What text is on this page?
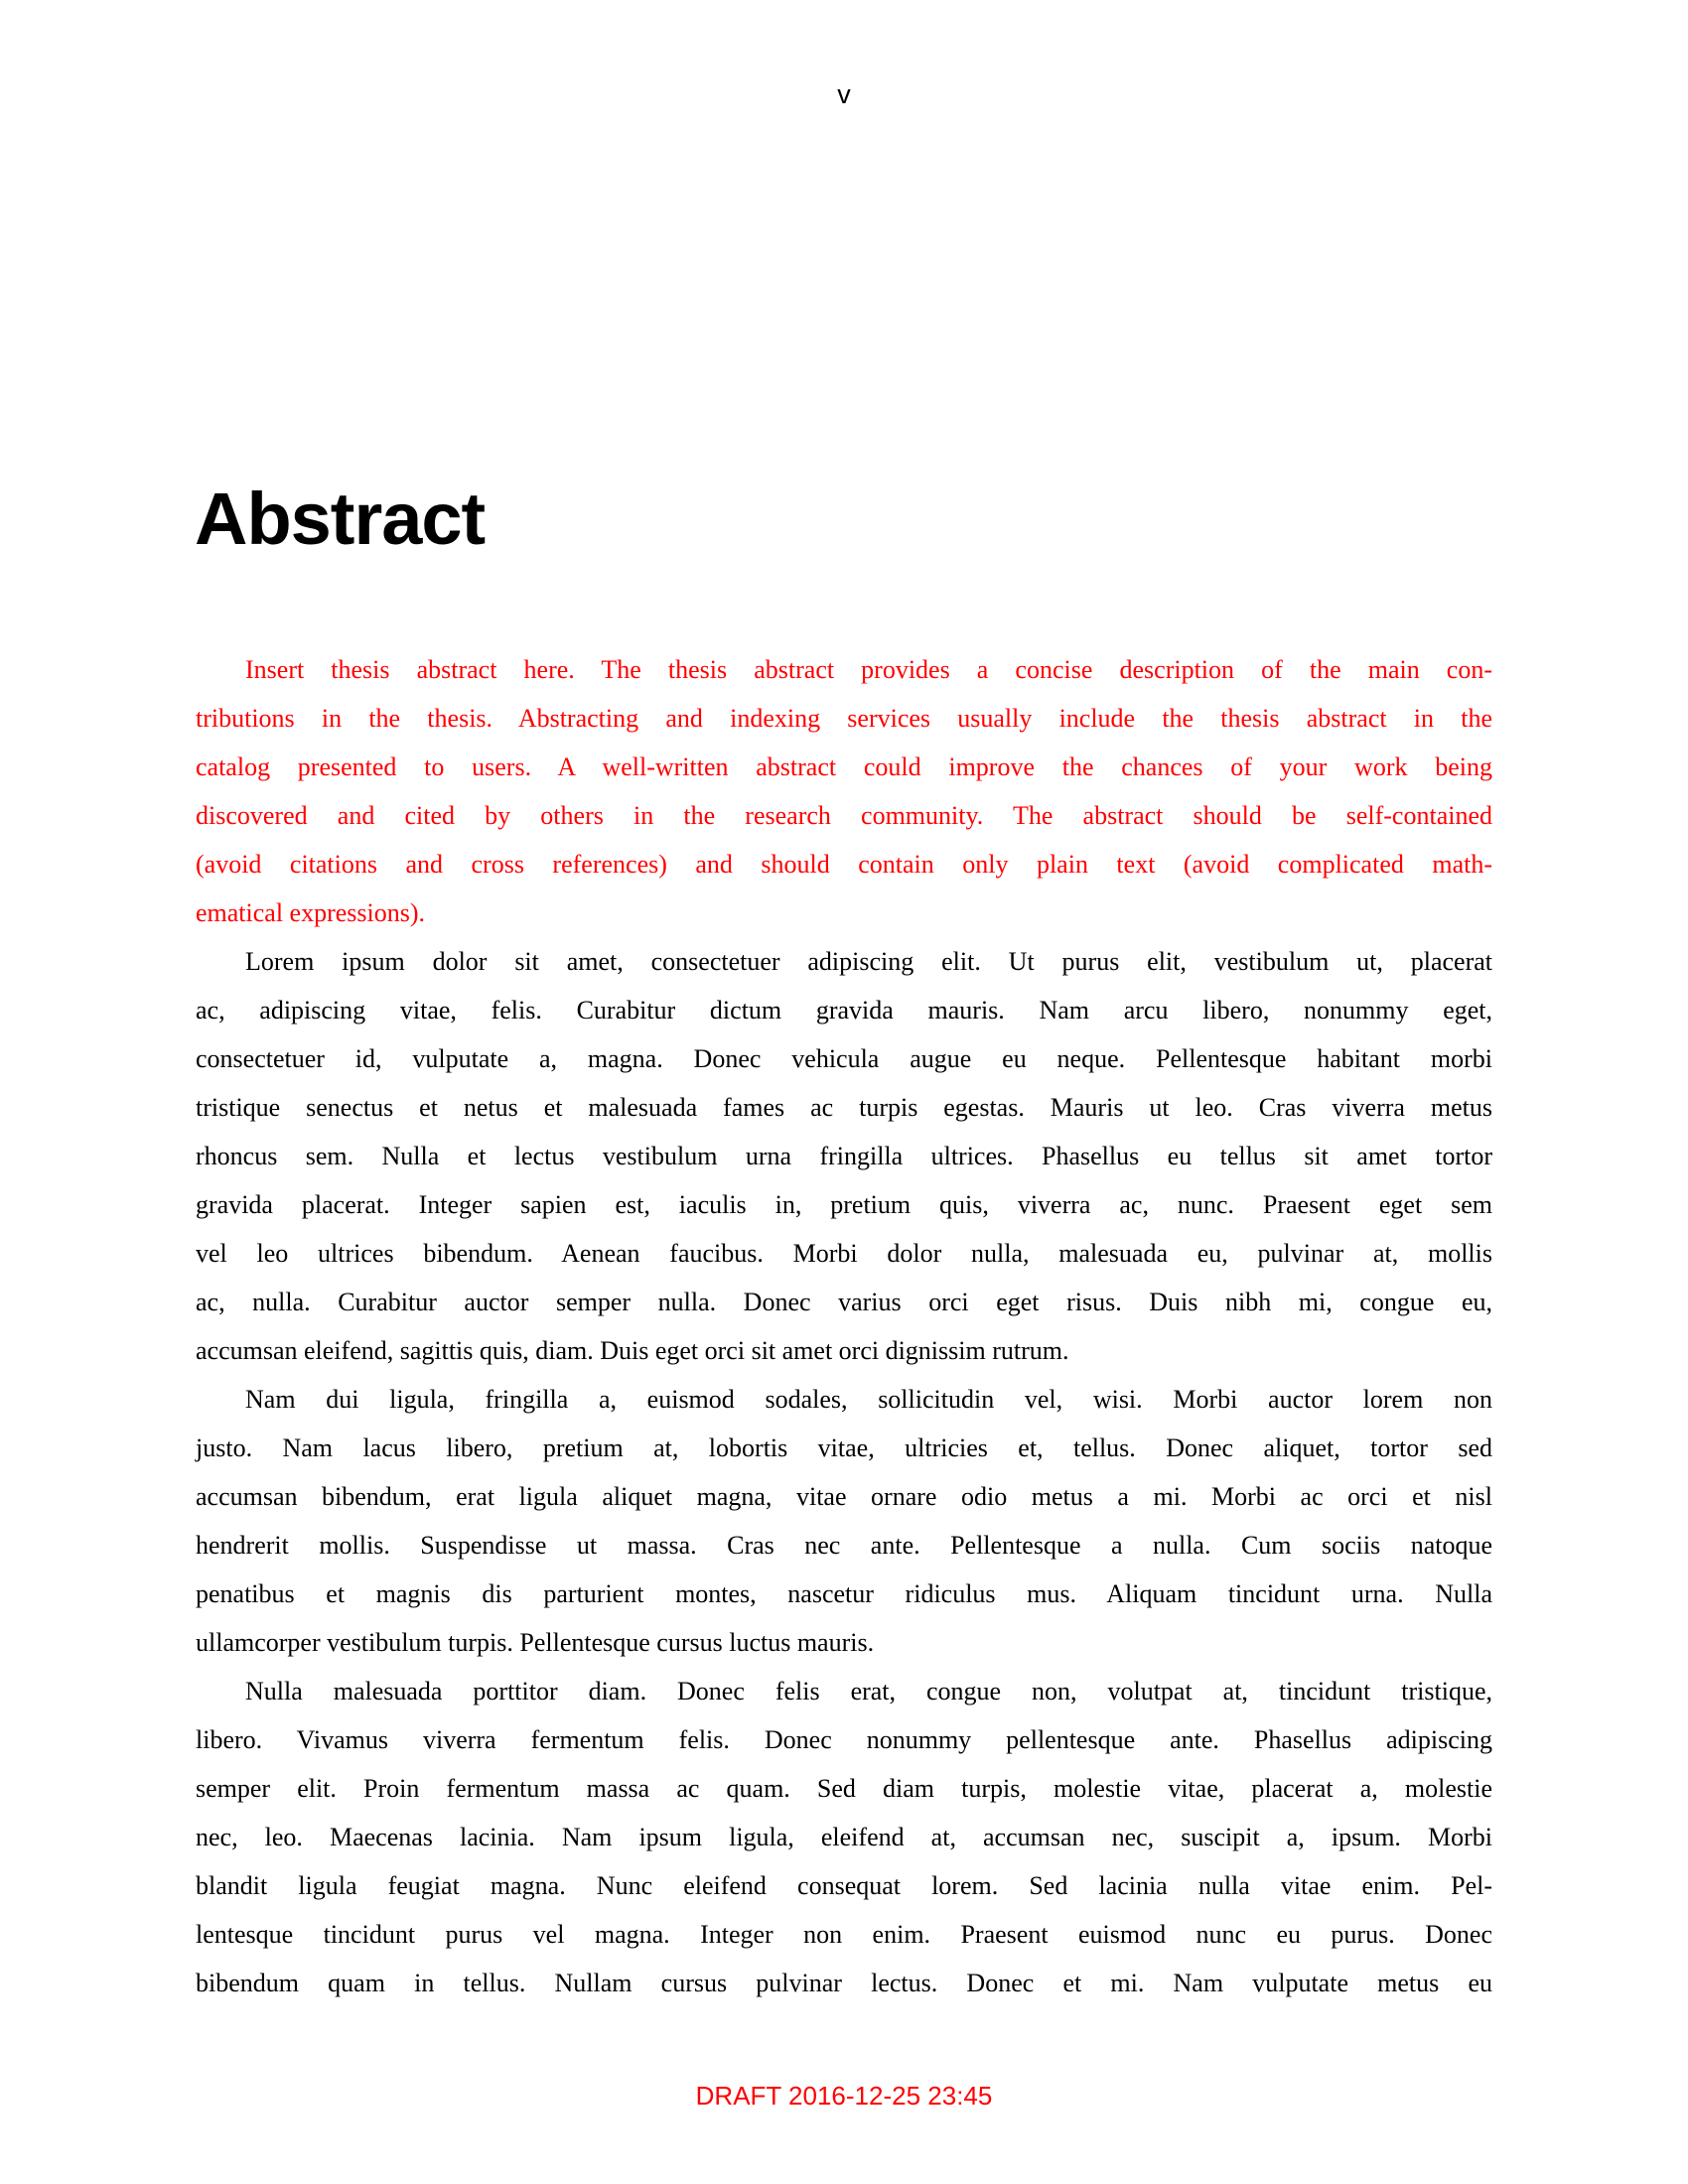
v
Abstract
Insert thesis abstract here. The thesis abstract provides a concise description of the main con-
tributions in the thesis. Abstracting and indexing services usually include the thesis abstract in the
catalog presented to users. A well-written abstract could improve the chances of your work being
discovered and cited by others in the research community. The abstract should be self-contained
(avoid citations and cross references) and should contain only plain text (avoid complicated math-
ematical expressions).
Lorem ipsum dolor sit amet, consectetuer adipiscing elit. Ut purus elit, vestibulum ut, placerat
ac, adipiscing vitae, felis. Curabitur dictum gravida mauris. Nam arcu libero, nonummy eget,
consectetuer id, vulputate a, magna. Donec vehicula augue eu neque. Pellentesque habitant morbi
tristique senectus et netus et malesuada fames ac turpis egestas. Mauris ut leo. Cras viverra metus
rhoncus sem. Nulla et lectus vestibulum urna fringilla ultrices. Phasellus eu tellus sit amet tortor
gravida placerat. Integer sapien est, iaculis in, pretium quis, viverra ac, nunc. Praesent eget sem
vel leo ultrices bibendum. Aenean faucibus. Morbi dolor nulla, malesuada eu, pulvinar at, mollis
ac, nulla. Curabitur auctor semper nulla. Donec varius orci eget risus. Duis nibh mi, congue eu,
accumsan eleifend, sagittis quis, diam. Duis eget orci sit amet orci dignissim rutrum.
Nam dui ligula, fringilla a, euismod sodales, sollicitudin vel, wisi. Morbi auctor lorem non
justo. Nam lacus libero, pretium at, lobortis vitae, ultricies et, tellus. Donec aliquet, tortor sed
accumsan bibendum, erat ligula aliquet magna, vitae ornare odio metus a mi. Morbi ac orci et nisl
hendrerit mollis. Suspendisse ut massa. Cras nec ante. Pellentesque a nulla. Cum sociis natoque
penatibus et magnis dis parturient montes, nascetur ridiculus mus. Aliquam tincidunt urna. Nulla
ullamcorper vestibulum turpis. Pellentesque cursus luctus mauris.
Nulla malesuada porttitor diam. Donec felis erat, congue non, volutpat at, tincidunt tristique,
libero. Vivamus viverra fermentum felis. Donec nonummy pellentesque ante. Phasellus adipiscing
semper elit. Proin fermentum massa ac quam. Sed diam turpis, molestie vitae, placerat a, molestie
nec, leo. Maecenas lacinia. Nam ipsum ligula, eleifend at, accumsan nec, suscipit a, ipsum. Morbi
blandit ligula feugiat magna. Nunc eleifend consequat lorem. Sed lacinia nulla vitae enim. Pel-
lentesque tincidunt purus vel magna. Integer non enim. Praesent euismod nunc eu purus. Donec
bibendum quam in tellus. Nullam cursus pulvinar lectus. Donec et mi. Nam vulputate metus eu
DRAFT 2016-12-25 23:45
